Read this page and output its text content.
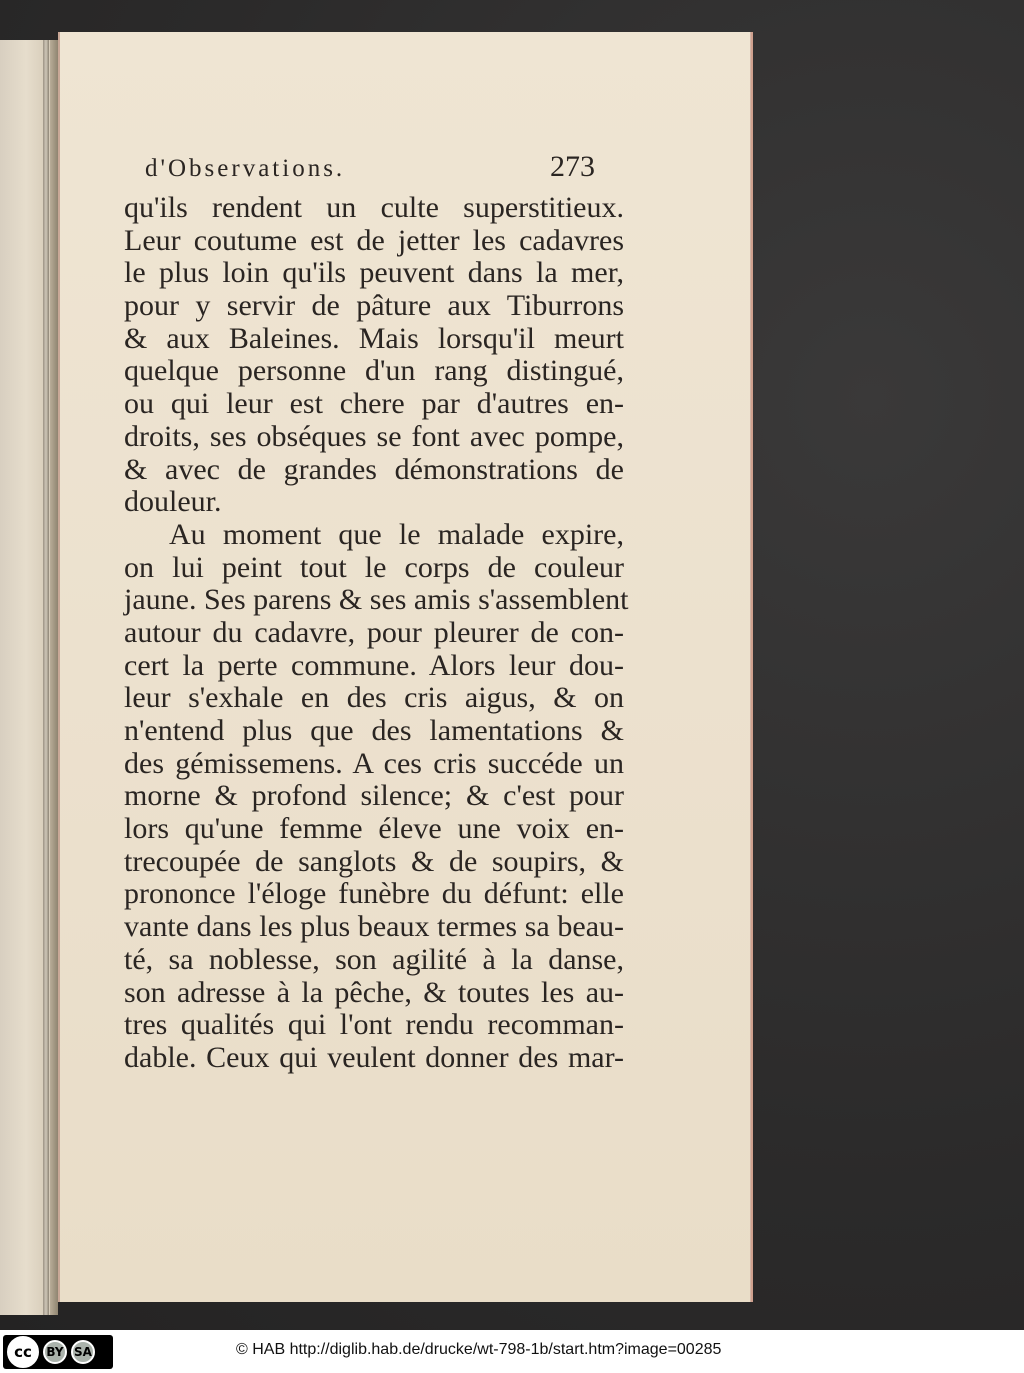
d'Observations.	273
qu'ils rendent un culte superstitieux.
Leur coutume est de jetter les cadavres
le plus loin qu'ils peuvent dans la mer,
pour y servir de pâture aux Tiburrons
& aux Baleines. Mais lorsqu'il meurt
quelque personne d'un rang distingué,
ou qui leur est chere par d'autres en-
droits, ses obséques se font avec pompe,
& avec de grandes démonstrations de
douleur.
Au moment que le malade expire,
on lui peint tout le corps de couleur
jaune. Ses parens & ses amis s'assemblent
autour du cadavre, pour pleurer de con-
cert la perte commune. Alors leur dou-
leur s'exhale en des cris aigus, & on
n'entend plus que des lamentations &
des gémissemens. A ces cris succéde un
morne & profond silence; & c'est pour
lors qu'une femme éleve une voix en-
trecoupée de sanglots & de soupirs, &
prononce l'éloge funèbre du défunt: elle
vante dans les plus beaux termes sa beau-
té, sa noblesse, son agilité à la danse,
son adresse à la pêche, & toutes les au-
tres qualités qui l'ont rendu recomman-
dable. Ceux qui veulent donner des mar-
cc	BY SA	© HAB http://diglib.hab.de/drucke/wt-798-1b/start.htm?image=00285
